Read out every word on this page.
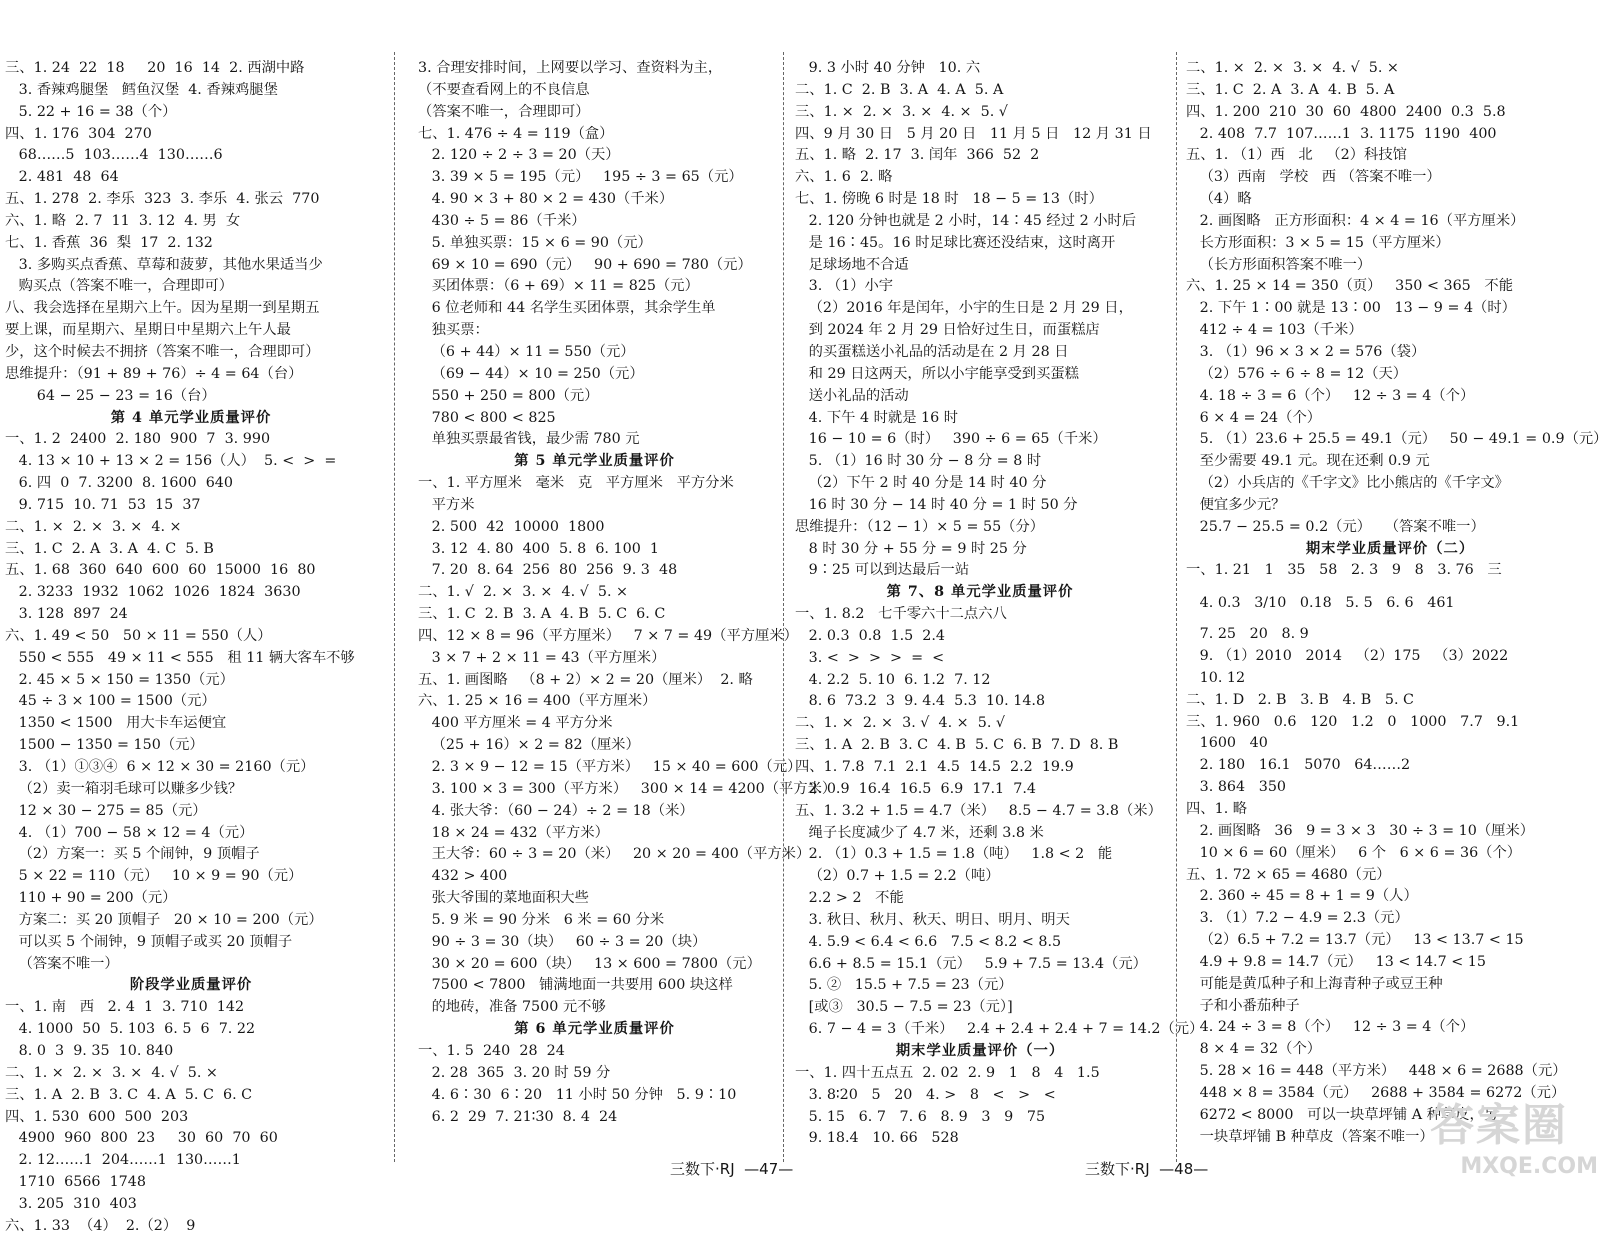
三、1. 24  22  18     20  16  14  2. 西湖中路
3. 香辣鸡腿堡   鳕鱼汉堡  4. 香辣鸡腿堡
5. 22 + 16 = 38（个）
四、1. 176  304  270
68……5  103……4  130……6
2. 481  48  64
五、1. 278  2. 李乐  323  3. 李乐  4. 张云  770
六、1. 略  2. 7  11  3. 12  4. 男  女
七、1. 香蕉  36  梨  17  2. 132
3. 多购买点香蕉、草莓和菠萝，其他水果适当少
购买点（答案不唯一，合理即可）
八、我会选择在星期六上午。因为星期一到星期五
要上课，而星期六、星期日中星期六上午人最
少，这个时候去不拥挤（答案不唯一，合理即可）
思维提升：（91 + 89 + 76）÷ 4 = 64（台）
64 − 25 − 23 = 16（台）
第 4 单元学业质量评价
一、1. 2  2400  2. 180  900  7  3. 990
4. 13 × 10 + 13 × 2 = 156（人）  5. <  >  =
6. 四  0  7. 3200  8. 1600  640
9. 715  10. 71  53  15  37
二、1. ×  2. ×  3. ×  4. ×
三、1. C  2. A  3. A  4. C  5. B
五、1. 68  360  640  600  60  15000  16  80
2. 3233  1932  1062  1026  1824  3630
3. 128  897  24
六、1. 49 < 50   50 × 11 = 550（人）
550 < 555   49 × 11 < 555   租 11 辆大客车不够
2. 45 × 5 × 150 = 1350（元）
45 ÷ 3 × 100 = 1500（元）
1350 < 1500   用大卡车运便宜
1500 − 1350 = 150（元）
3. （1）①③④  6 × 12 × 30 = 2160（元）
（2）卖一箱羽毛球可以赚多少钱？
12 × 30 − 275 = 85（元）
4. （1）700 − 58 × 12 = 4（元）
（2）方案一：买 5 个闹钟，9 顶帽子
5 × 22 = 110（元）   10 × 9 = 90（元）
110 + 90 = 200（元）
方案二：买 20 顶帽子   20 × 10 = 200（元）
可以买 5 个闹钟，9 顶帽子或买 20 顶帽子
（答案不唯一）
阶段学业质量评价
一、1. 南   西   2. 4  1  3. 710  142
4. 1000  50  5. 103  6. 5  6  7. 22
8. 0  3  9. 35  10. 840
二、1. ×  2. ×  3. ×  4. √  5. ×
三、1. A  2. B  3. C  4. A  5. C  6. C
四、1. 530  600  500  203
4900  960  800  23     30  60  70  60
2. 12……1  204……1  130……1
1710  6566  1748
3. 205  310  403
六、1. 33  （4）  2.（2）  9
3. 合理安排时间，上网要以学习、查资料为主，
（不要查看网上的不良信息
（答案不唯一，合理即可）
七、1. 476 ÷ 4 = 119（盒）
2. 120 ÷ 2 ÷ 3 = 20（天）
3. 39 × 5 = 195（元）   195 ÷ 3 = 65（元）
4. 90 × 3 + 80 × 2 = 430（千米）
430 ÷ 5 = 86（千米）
5. 单独买票：15 × 6 = 90（元）
69 × 10 = 690（元）   90 + 690 = 780（元）
买团体票：（6 + 69）× 11 = 825（元）
6 位老师和 44 名学生买团体票，其余学生单
独买票：
（6 + 44）× 11 = 550（元）
（69 − 44）× 10 = 250（元）
550 + 250 = 800（元）
780 < 800 < 825
单独买票最省钱，最少需 780 元
第 5 单元学业质量评价
一、1. 平方厘米   毫米   克   平方厘米   平方分米
平方米
2. 500  42  10000  1800
3. 12  4. 80  400  5. 8  6. 100  1
7. 20  8. 64  256  80  256  9. 3  48
二、1. √  2. ×  3. ×  4. √  5. ×
三、1. C  2. B  3. A  4. B  5. C  6. C
四、12 × 8 = 96（平方厘米）   7 × 7 = 49（平方厘米）
3 × 7 + 2 × 11 = 43（平方厘米）
五、1. 画图略   （8 + 2）× 2 = 20（厘米）  2. 略
六、1. 25 × 16 = 400（平方厘米）
400 平方厘米 = 4 平方分米
（25 + 16）× 2 = 82（厘米）
2. 3 × 9 − 12 = 15（平方米）   15 × 40 = 600（元）
3. 100 × 3 = 300（平方米）   300 × 14 = 4200（平方米）
4. 张大爷：（60 − 24）÷ 2 = 18（米）
18 × 24 = 432（平方米）
王大爷：60 ÷ 3 = 20（米）   20 × 20 = 400（平方米）
432 > 400
张大爷围的菜地面积大些
5. 9 米 = 90 分米   6 米 = 60 分米
90 ÷ 3 = 30（块）   60 ÷ 3 = 20（块）
30 × 20 = 600（块）   13 × 600 = 7800（元）
7500 < 7800   铺满地面一共要用 600 块这样
的地砖，准备 7500 元不够
第 6 单元学业质量评价
一、1. 5  240  28  24
2. 28  365  3. 20 时 59 分
4. 6∶30  6∶20   11 小时 50 分钟   5. 9∶10
6. 2  29  7. 21∶30  8. 4  24
9. 3 小时 40 分钟   10. 六
二、1. C  2. B  3. A  4. A  5. A
三、1. ×  2. ×  3. ×  4. ×  5. √
四、9 月 30 日   5 月 20 日   11 月 5 日   12 月 31 日
五、1. 略  2. 17  3. 闰年  366  52  2
六、1. 6  2. 略
七、1. 傍晚 6 时是 18 时   18 − 5 = 13（时）
2. 120 分钟也就是 2 小时，14∶45 经过 2 小时后
是 16∶45。16 时足球比赛还没结束，这时离开
足球场地不合适
3. （1）小宇
（2）2016 年是闰年，小宇的生日是 2 月 29 日，
到 2024 年 2 月 29 日恰好过生日，而蛋糕店
的买蛋糕送小礼品的活动是在 2 月 28 日
和 29 日这两天，所以小宇能享受到买蛋糕
送小礼品的活动
4. 下午 4 时就是 16 时
16 − 10 = 6（时）   390 ÷ 6 = 65（千米）
5. （1）16 时 30 分 − 8 分 = 8 时
（2）下午 2 时 40 分是 14 时 40 分
16 时 30 分 − 14 时 40 分 = 1 时 50 分
思维提升：（12 − 1）× 5 = 55（分）
8 时 30 分 + 55 分 = 9 时 25 分
9∶25 可以到达最后一站
第 7、8 单元学业质量评价
一、1. 8.2   七千零六十二点六八
2. 0.3  0.8  1.5  2.4
3. <  >  >  >  =  <
4. 2.2  5. 10  6. 1.2  7. 12
8. 6  73.2  3  9. 4.4  5.3  10. 14.8
二、1. ×  2. ×  3. √  4. ×  5. √
三、1. A  2. B  3. C  4. B  5. C  6. B  7. D  8. B
四、1. 7.8  7.1  2.1  4.5  14.5  2.2  19.9
2. 0.9  16.4  16.5  6.9  17.1  7.4
五、1. 3.2 + 1.5 = 4.7（米）   8.5 − 4.7 = 3.8（米）
绳子长度减少了 4.7 米，还剩 3.8 米
2. （1）0.3 + 1.5 = 1.8（吨）   1.8 < 2   能
（2）0.7 + 1.5 = 2.2（吨）
2.2 > 2   不能
3. 秋日、秋月、秋天、明日、明月、明天
4. 5.9 < 6.4 < 6.6   7.5 < 8.2 < 8.5
6.6 + 8.5 = 15.1（元）   5.9 + 7.5 = 13.4（元）
5. ②   15.5 + 7.5 = 23（元）
[或③   30.5 − 7.5 = 23（元）]
6. 7 − 4 = 3（千米）   2.4 + 2.4 + 2.4 + 7 = 14.2（元）
期末学业质量评价（一）
一、1. 四十五点五  2. 02  2. 9   1   8   4   1.5
3. 8∶20   5   20   4. >   8   <   >   <
5. 15   6. 7   7. 6   8. 9   3   9   75
9. 18.4   10. 66   528
二、1. ×  2. ×  3. ×  4. √  5. ×
三、1. C  2. A  3. A  4. B  5. A
四、1. 200  210  30  60  4800  2400  0.3  5.8
2. 408  7.7  107……1  3. 1175  1190  400
五、1. （1）西   北   （2）科技馆
（3）西南   学校   西 （答案不唯一）
（4）略
2. 画图略   正方形面积：4 × 4 = 16（平方厘米）
长方形面积：3 × 5 = 15（平方厘米）
（长方形面积答案不唯一）
六、1. 25 × 14 = 350（页）   350 < 365   不能
2. 下午 1∶00 就是 13∶00   13 − 9 = 4（时）
412 ÷ 4 = 103（千米）
3. （1）96 × 3 × 2 = 576（袋）
（2）576 ÷ 6 ÷ 8 = 12（天）
4. 18 ÷ 3 = 6（个）   12 ÷ 3 = 4（个）
6 × 4 = 24（个）
5. （1）23.6 + 25.5 = 49.1（元）   50 − 49.1 = 0.9（元）
至少需要 49.1 元。现在还剩 0.9 元
（2）小兵店的《千字文》比小熊店的《千字文》
便宜多少元？
25.7 − 25.5 = 0.2（元）   （答案不唯一）
期末学业质量评价（二）
一、1. 21   1   35   58   2. 3   9   8   3. 76   三
4. 0.3   3/10   0.18   5. 5   6. 6   461
7. 25   20   8. 9
9. （1）2010   2014   （2）175   （3）2022
10. 12
二、1. D   2. B   3. B   4. B   5. C
三、1. 960   0.6   120   1.2   0   1000   7.7   9.1
1600   40
2. 180   16.1   5070   64……2
3. 864   350
四、1. 略
2. 画图略   36   9 = 3 × 3   30 ÷ 3 = 10（厘米）
10 × 6 = 60（厘米）   6 个   6 × 6 = 36（个）
五、1. 72 × 65 = 4680（元）
2. 360 ÷ 45 = 8 + 1 = 9（人）
3. （1）7.2 − 4.9 = 2.3（元）
（2）6.5 + 7.2 = 13.7（元）   13 < 13.7 < 15
4.9 + 9.8 = 14.7（元）   13 < 14.7 < 15
可能是黄瓜种子和上海青种子或豆王种
子和小番茄种子
4. 24 ÷ 3 = 8（个）   12 ÷ 3 = 4（个）
8 × 4 = 32（个）
5. 28 × 16 = 448（平方米）   448 × 6 = 2688（元）
448 × 8 = 3584（元）   2688 + 3584 = 6272（元）
6272 < 8000   可以一块草坪铺 A 种草皮，另
一块草坪铺 B 种草皮（答案不唯一）
三数下·RJ  —47—	三数下·RJ  —48—
答案圈
MXQE.COM
